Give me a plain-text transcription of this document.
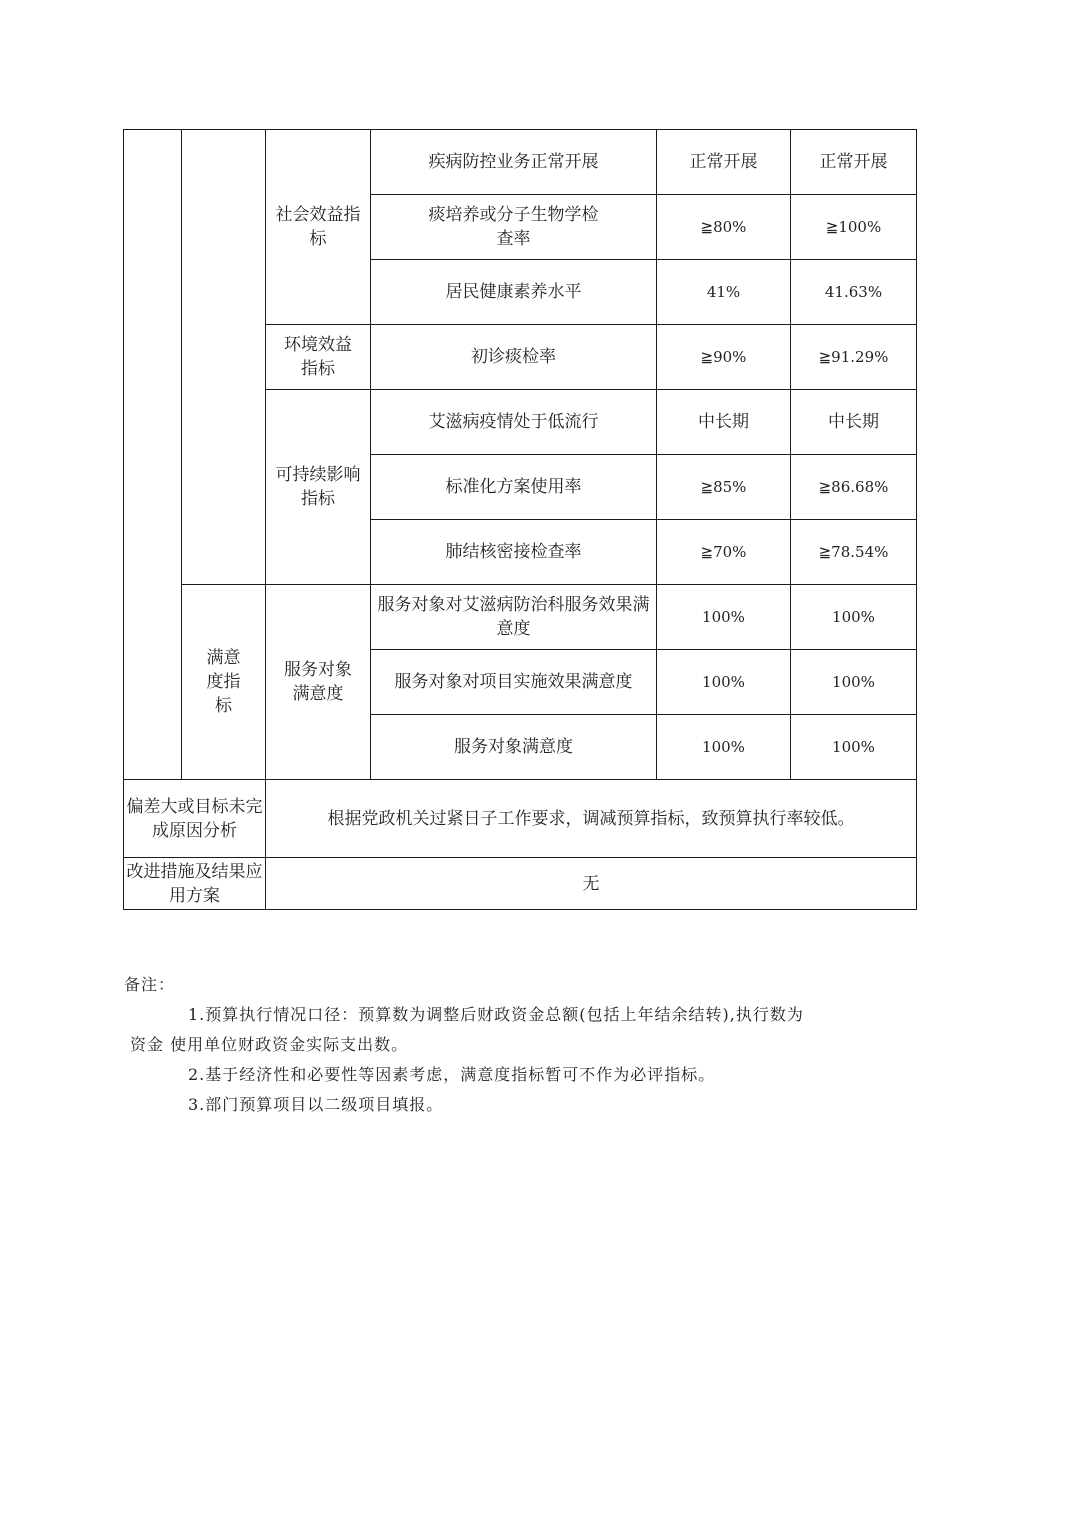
		社会效益指标	疾病防控业务正常开展	正常开展	正常开展
			痰培养或分子生物学检查率	≧80%	≧100%
			居民健康素养水平	41%	41.63%
		环境效益指标	初诊痰检率	≧90%	≧91.29%
		可持续影响指标	艾滋病疫情处于低流行	中长期	中长期
			标准化方案使用率	≧85%	≧86.68%
			肺结核密接检查率	≧70%	≧78.54%
	满意度指标	服务对象满意度	服务对象对艾滋病防治科服务效果满意度	100%	100%
			服务对象对项目实施效果满意度	100%	100%
			服务对象满意度	100%	100%
偏差大或目标未完成原因分析		根据党政机关过紧日子工作要求，调减预算指标，致预算执行率较低。			
改进措施及结果应用方案		无			

备注：

1.预算执行情况口径：预算数为调整后财政资金总额(包括上年结余结转),执行数为

资金 使用单位财政资金实际支出数。

2.基于经济性和必要性等因素考虑，满意度指标暂可不作为必评指标。

3.部门预算项目以二级项目填报。
